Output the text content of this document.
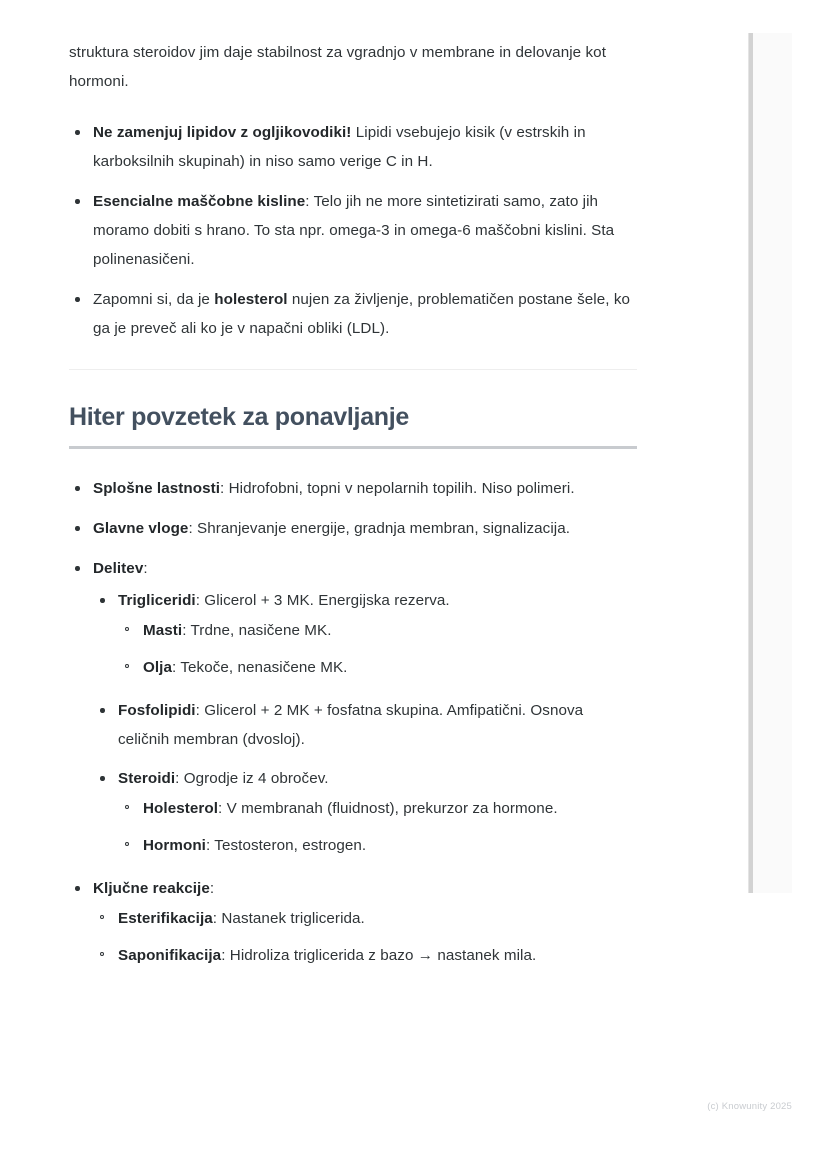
struktura steroidov jim daje stabilnost za vgradnjo v membrane in delovanje kot hormoni.
Ne zamenjuj lipidov z ogljikovodiki! Lipidi vsebujejo kisik (v estrskih in karboksilnih skupinah) in niso samo verige C in H.
Esencialne maščobne kisline: Telo jih ne more sintetizirati samo, zato jih moramo dobiti s hrano. To sta npr. omega-3 in omega-6 maščobni kislini. Sta polinenasičeni.
Zapomni si, da je holesterol nujen za življenje, problematičen postane šele, ko ga je preveč ali ko je v napačni obliki (LDL).
Hiter povzetek za ponavljanje
Splošne lastnosti: Hidrofobni, topni v nepolarnih topilih. Niso polimeri.
Glavne vloge: Shranjevanje energije, gradnja membran, signalizacija.
Delitev:
Trigliceridi: Glicerol + 3 MK. Energijska rezerva.
Masti: Trdne, nasičene MK.
Olja: Tekoče, nenasičene MK.
Fosfolipidi: Glicerol + 2 MK + fosfatna skupina. Amfipatični. Osnova celičnih membran (dvosloj).
Steroidi: Ogrodje iz 4 obročev.
Holesterol: V membranah (fluidnost), prekurzor za hormone.
Hormoni: Testosteron, estrogen.
Ključne reakcije:
Esterifikacija: Nastanek triglicerida.
Saponifikacija: Hidroliza triglicerida z bazo → nastanek mila.
(c) Knowunity 2025
